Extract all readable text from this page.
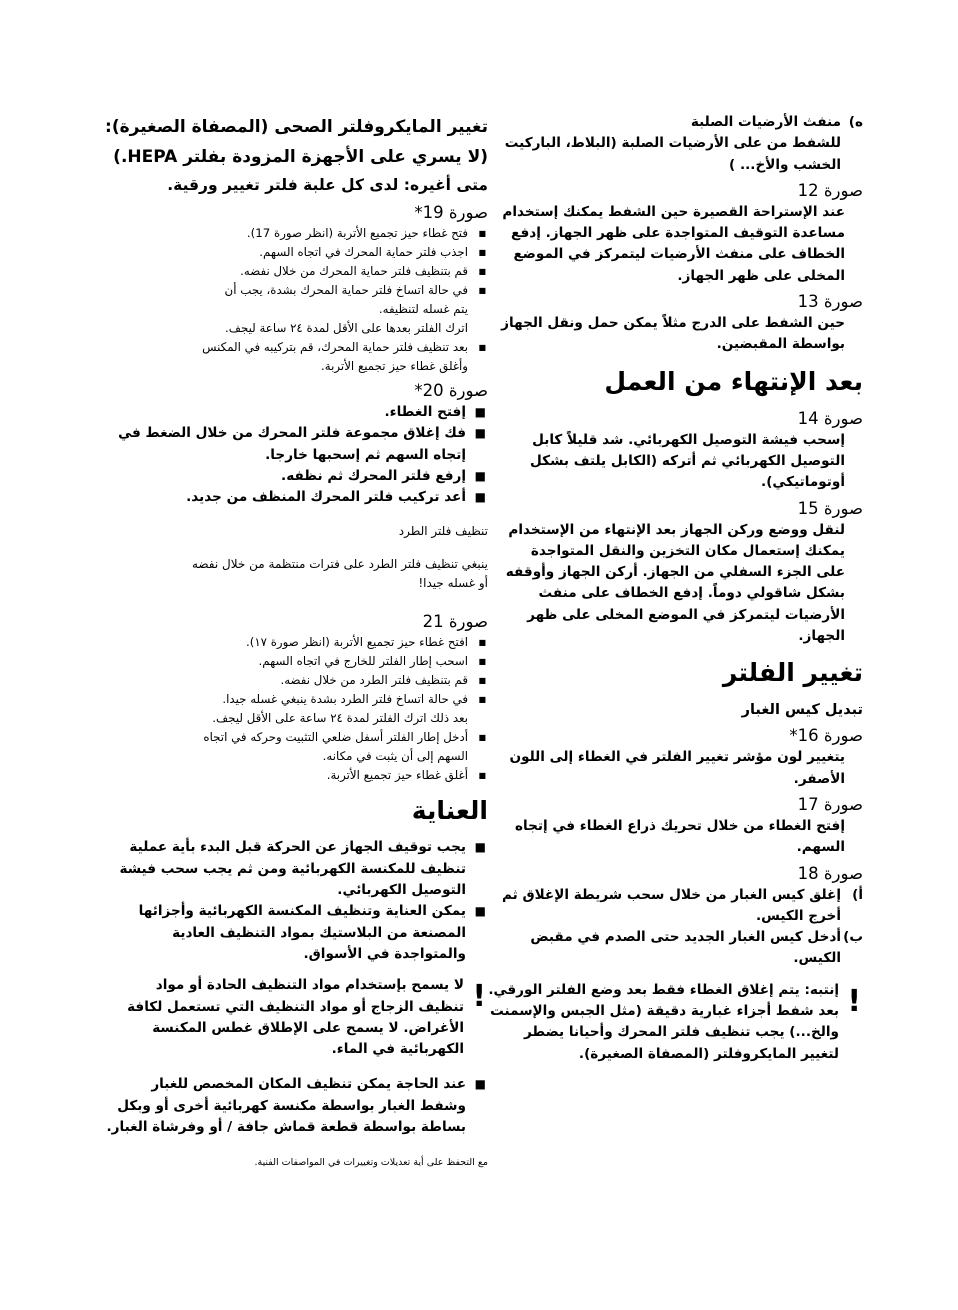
ه)
منفث الأرضيات الصلبة
للشفط من على الأرضيات الصلبة (البلاط، الباركيت
الخشب والأخ... )
صورة 12
عند الإستراحة القصيرة حين الشفط يمكنك إستخدام
مساعدة التوقيف المتواجدة على ظهر الجهاز. إدفع
الخطاف على منفث الأرضيات ليتمركز في الموضع
المخلى على ظهر الجهاز.
صورة 13
حين الشفط على الدرج مثلاً يمكن حمل ونقل الجهاز
بواسطة المقبضين.
بعد الإنتهاء من العمل
صورة 14
إسحب فيشة التوصيل الكهربائي. شد قليلاً كابل
التوصيل الكهربائي ثم أتركه (الكابل يلتف بشكل
أوتوماتيكي).
صورة 15
لنقل ووضع وركن الجهاز بعد الإنتهاء من الإستخدام
يمكنك إستعمال مكان التخزين والنقل المتواجدة
على الجزء السفلي من الجهاز. أركن الجهاز وأوقفه
بشكل شاقولي دوماً. إدفع الخطاف على منفث
الأرضيات ليتمركز في الموضع المخلى على ظهر
الجهاز.
تغيير الفلتر
تبديل كيس الغبار
صورة 16*
يتغيير لون مؤشر تغيير الفلتر في الغطاء إلى اللون
الأصفر.
صورة 17
إفتح الغطاء من خلال تحريك ذراع الغطاء في إتجاه
السهم.
صورة 18
أ)
إغلق كيس الغبار من خلال سحب شريطة الإغلاق ثم
أخرج الكيس.
ب)
أدخل كيس الغبار الجديد حتى الصدم في مقبض
الكيس.
!
إنتبه: يتم إغلاق الغطاء فقط بعد وضع الفلتر الورقي.
بعد شفط أجزاء غبارية دقيقة (مثل الجبس والإسمنت
والخ...) يجب تنظيف فلتر المحرك وأحيانا يضطر
لتغيير المايكروفلتر (المصفاة الصغيرة).
تغيير المايكروفلتر الصحى (المصفاة الصغيرة):
(لا يسري على الأجهزة المزودة بفلتر HEPA.)
متى أغيره: لدى كل علبة فلتر تغيير ورقية.
صورة 19*
■
فتح غطاء حيز تجميع الأتربة (انظر صورة 17).
■
اجذب فلتر حماية المحرك في اتجاه السهم.
■
قم بتنظيف فلتر حماية المحرك من خلال نفضه.
■
في حالة اتساخ فلتر حماية المحرك بشدة، يجب أن
يتم غسله لتنظيفه.
اترك الفلتر بعدها على الأقل لمدة ٢٤ ساعة ليجف.
■
بعد تنظيف فلتر حماية المحرك، قم بتركيبه في المكنس
وأغلق غطاء حيز تجميع الأتربة.
صورة 20*
■
إفتح الغطاء.
■
فك إغلاق مجموعة فلتر المحرك من خلال الضغط في
إتجاه السهم ثم إسحبها خارجا.
■
إرفع فلتر المحرك ثم نظفه.
■
أعد تركيب فلتر المحرك المنظف من جديد.
تنظيف فلتر الطرد
ينبغي تنظيف فلتر الطرد على فترات منتظمة من خلال نفضه
أو غسله جيدا!
صورة 21
■
افتح غطاء حيز تجميع الأتربة (انظر صورة ١٧).
■
اسحب إطار الفلتر للخارج في اتجاه السهم.
■
قم بتنظيف فلتر الطرد من خلال نفضه.
■
في حالة اتساخ فلتر الطرد بشدة ينبغي غسله جيدا.
بعد ذلك اترك الفلتر لمدة ٢٤ ساعة على الأقل ليجف.
■
أدخل إطار الفلتر أسفل ضلعي التثبيت وحركه في اتجاه
السهم إلى أن يثبت في مكانه.
■
أغلق غطاء حيز تجميع الأتربة.
العناية
■
يجب توقيف الجهاز عن الحركة قبل البدء بأية عملية
تنظيف للمكنسة الكهربائية ومن ثم يجب سحب فيشة
التوصيل الكهربائي.
■
يمكن العناية وتنظيف المكنسة الكهربائية وأجزائها
المصنعة من البلاستيك بمواد التنظيف العادية
والمتواجدة في الأسواق.
!
لا يسمح بإستخدام مواد التنظيف الحادة أو مواد
تنظيف الزجاج أو مواد التنظيف التي تستعمل لكافة
الأغراض. لا يسمح على الإطلاق غطس المكنسة
الكهربائية في الماء.
■
عند الحاجة يمكن تنظيف المكان المخصص للغبار
وشفط الغبار بواسطة مكنسة كهربائية أخرى أو وبكل
بساطة بواسطة قطعة قماش جافة / أو وفرشاة الغبار.
مع التحفظ على أية تعديلات وتغييرات في المواصفات الفنية.
